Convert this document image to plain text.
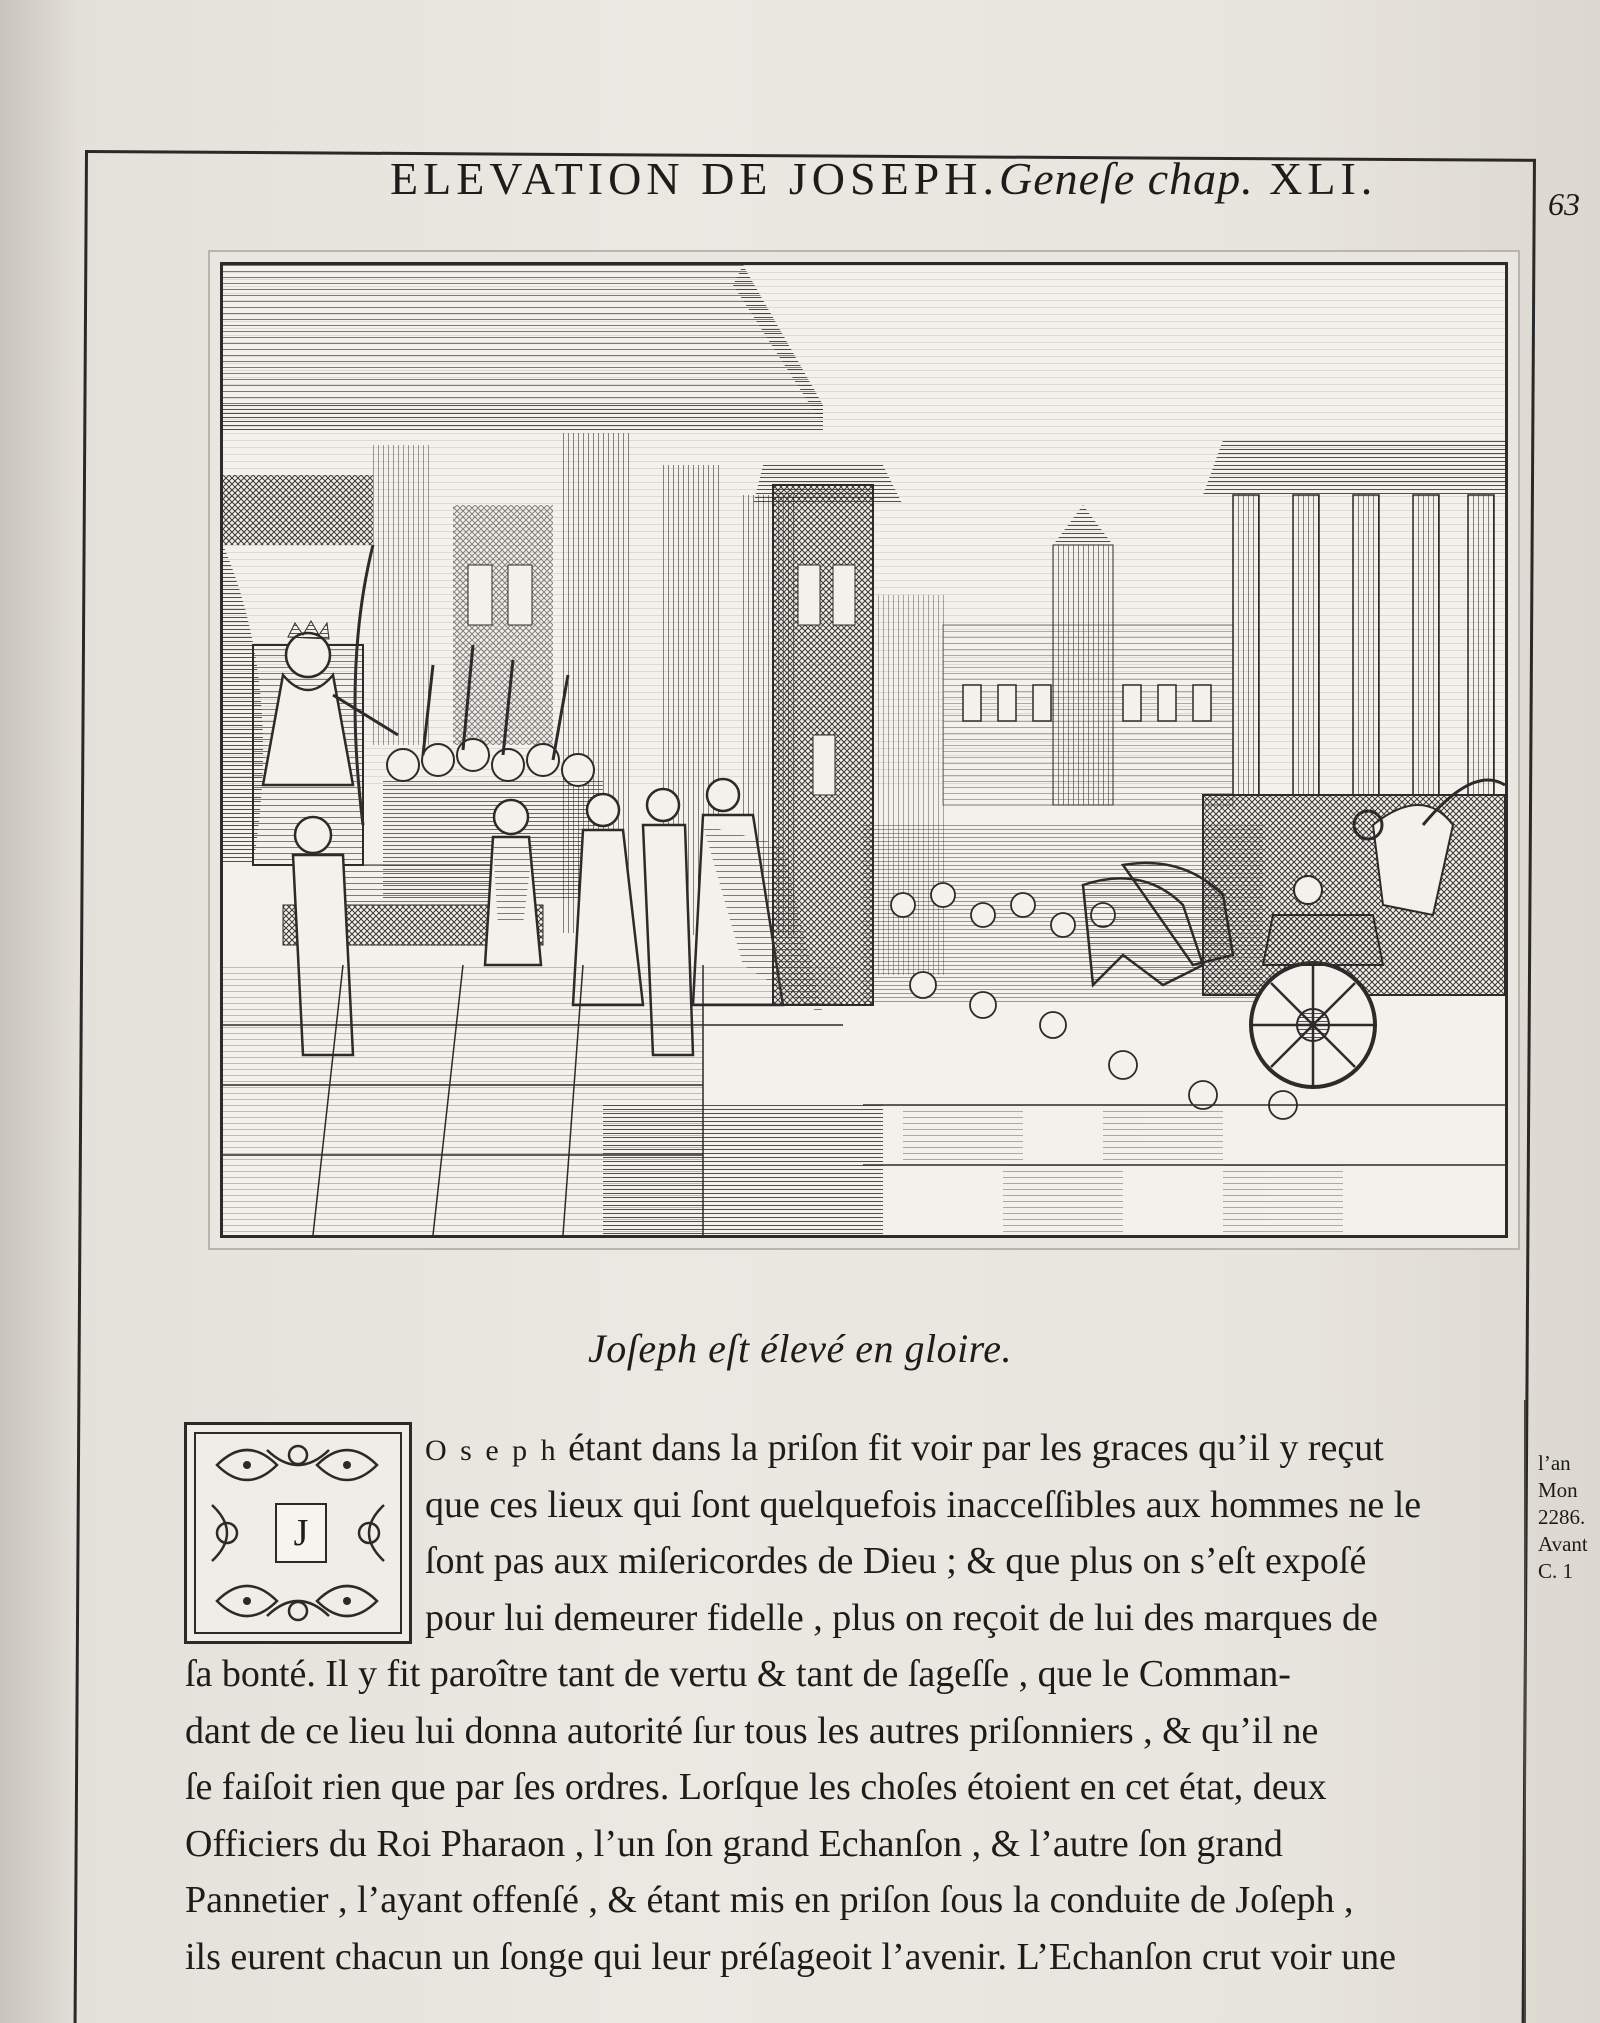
ELEVATION DE JOSEPH.Geneſe chap. XLI.	63
Joſeph eſt élevé en gloire.
J
O s e p h étant dans la priſon fit voir par les graces qu’il y reçut
que ces lieux qui ſont quelquefois inacceſſibles aux hommes ne le
ſont pas aux miſericordes de Dieu ; & que plus on s’eſt expoſé
pour lui demeurer fidelle , plus on reçoit de lui des marques de
ſa bonté. Il y fit paroître tant de vertu & tant de ſageſſe , que le Comman-
dant de ce lieu lui donna autorité ſur tous les autres priſonniers , & qu’il ne
ſe faiſoit rien que par ſes ordres. Lorſque les choſes étoient en cet état, deux
Officiers du Roi Pharaon , l’un ſon grand Echanſon , & l’autre ſon grand
Pannetier , l’ayant offenſé , & étant mis en priſon ſous la conduite de Joſeph ,
ils eurent chacun un ſonge qui leur préſageoit l’avenir. L’Echanſon crut voir une
l’an
Mon
2286.
Avant
C. 1
